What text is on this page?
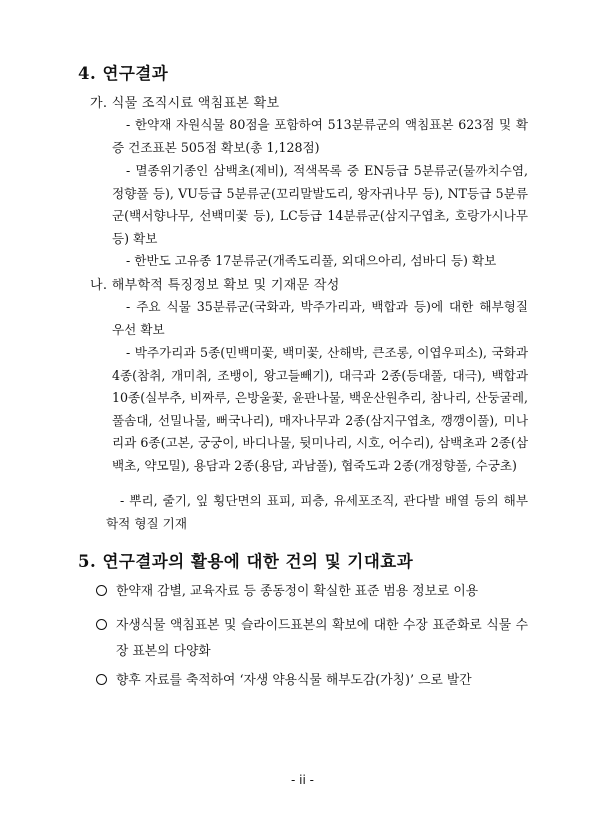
4. 연구결과
가. 식물 조직시료 액침표본 확보
- 한약재 자원식물 80점을 포함하여 513분류군의 액침표본 623점 및 확증 건조표본 505점 확보(총 1,128점)
- 멸종위기종인 삼백초(제비), 적색목록 중 EN등급 5분류군(물까치수염, 정향풀 등), VU등급 5분류군(꼬리말발도리, 왕자귀나무 등), NT등급 5분류군(백서향나무, 선백미꽃 등), LC등급 14분류군(삼지구엽초, 호랑가시나무 등) 확보
- 한반도 고유종 17분류군(개족도리풀, 외대으아리, 섬바디 등) 확보
나. 해부학적 특징정보 확보 및 기재문 작성
- 주요 식물 35분류군(국화과, 박주가리과, 백합과 등)에 대한 해부형질 우선 확보
- 박주가리과 5종(민백미꽃, 백미꽃, 산해박, 큰조롱, 이엽우피소), 국화과 4종(참취, 개미취, 조뱅이, 왕고들빼기), 대극과 2종(등대풀, 대극), 백합과 10종(실부추, 비짜루, 은방울꽃, 윤판나물, 백운산원추리, 참나리, 산둥굴레, 풀솜대, 선밀나물, 뻐국나리), 매자나무과 2종(삼지구엽초, 깽깽이풀), 미나리과 6종(고본, 궁궁이, 바디나물, 뒷미나리, 시호, 어수리), 삼백초과 2종(삼백초, 약모밀), 용담과 2종(용담, 과남풀), 협죽도과 2종(개정향풀, 수궁초)
- 뿌리, 줄기, 잎 횡단면의 표피, 피층, 유세포조직, 관다발 배열 등의 해부학적 형질 기재
5. 연구결과의 활용에 대한 건의 및 기대효과
한약재 감별, 교육자료 등 종동정이 확실한 표준 범용 정보로 이용
자생식물 액침표본 및 슬라이드표본의 확보에 대한 수장 표준화로 식물 수장 표본의 다양화
향후 자료를 축적하여 ‘자생 약용식물 해부도감(가칭)’ 으로 발간
- ii -
